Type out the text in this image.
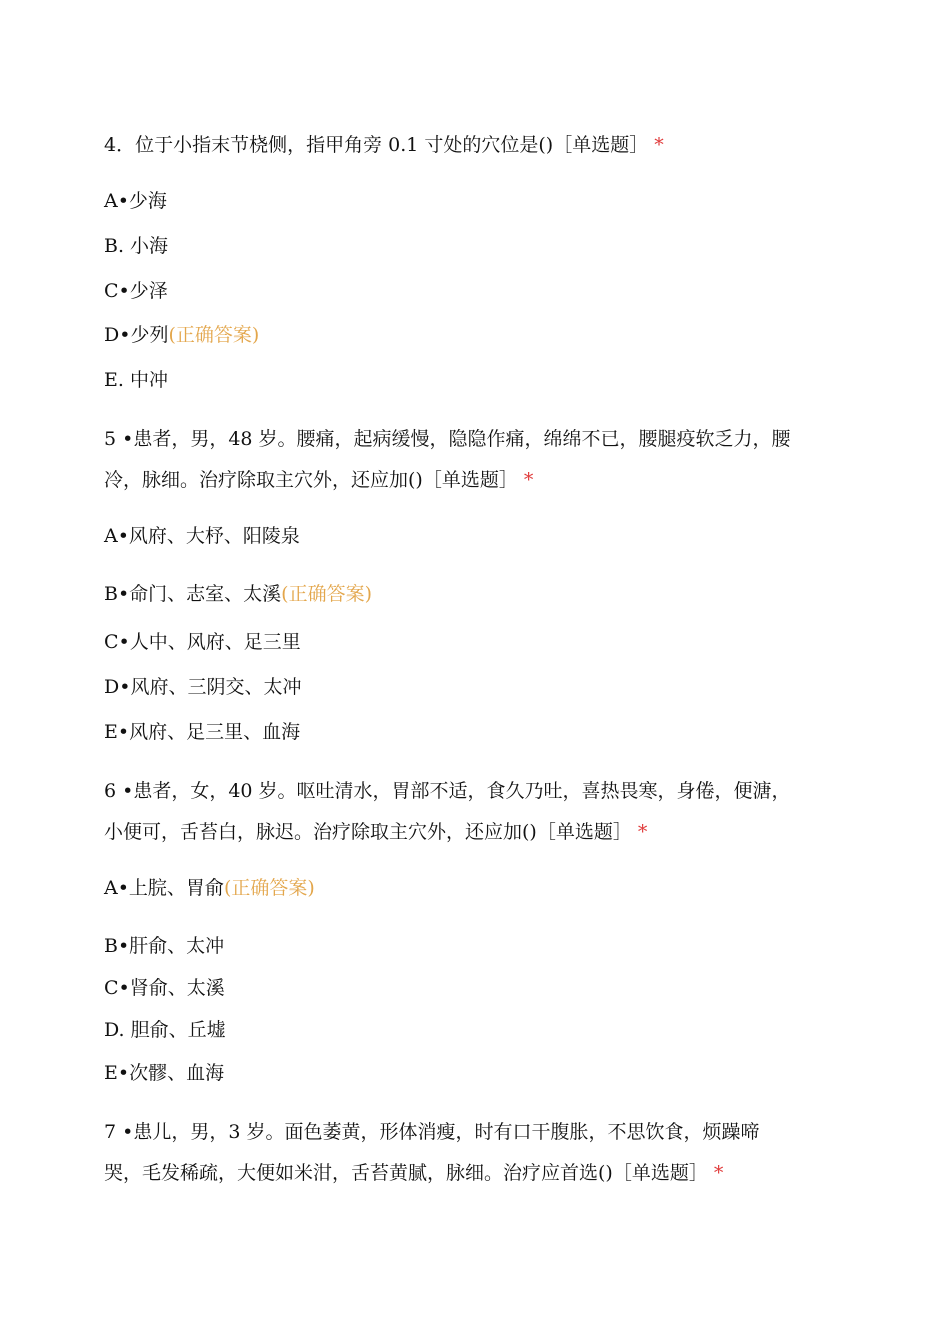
4．位于小指末节桡侧，指甲角旁 0.1 寸处的穴位是()［单选题］ *
A•少海
B. 小海
C•少泽
D•少列(正确答案)
E. 中冲
5 •患者，男，48 岁。腰痛，起病缓慢，隐隐作痛，绵绵不已，腰腿疫软乏力，腰
冷，脉细。治疗除取主穴外，还应加()［单选题］ *
A•风府、大杼、阳陵泉
B•命门、志室、太溪(正确答案)
C•人中、风府、足三里
D•风府、三阴交、太冲
E•风府、足三里、血海
6 •患者，女，40 岁。呕吐清水，胃部不适，食久乃吐，喜热畏寒，身倦，便溏，
小便可，舌苔白，脉迟。治疗除取主穴外，还应加()［单选题］ *
A•上脘、胃俞(正确答案)
B•肝俞、太冲
C•肾俞、太溪
D. 胆俞、丘墟
E•次髎、血海
7 •患儿，男，3 岁。面色萎黄，形体消瘦，时有口干腹胀，不思饮食，烦躁啼
哭，毛发稀疏，大便如米泔，舌苔黄腻，脉细。治疗应首选()［单选题］ *
